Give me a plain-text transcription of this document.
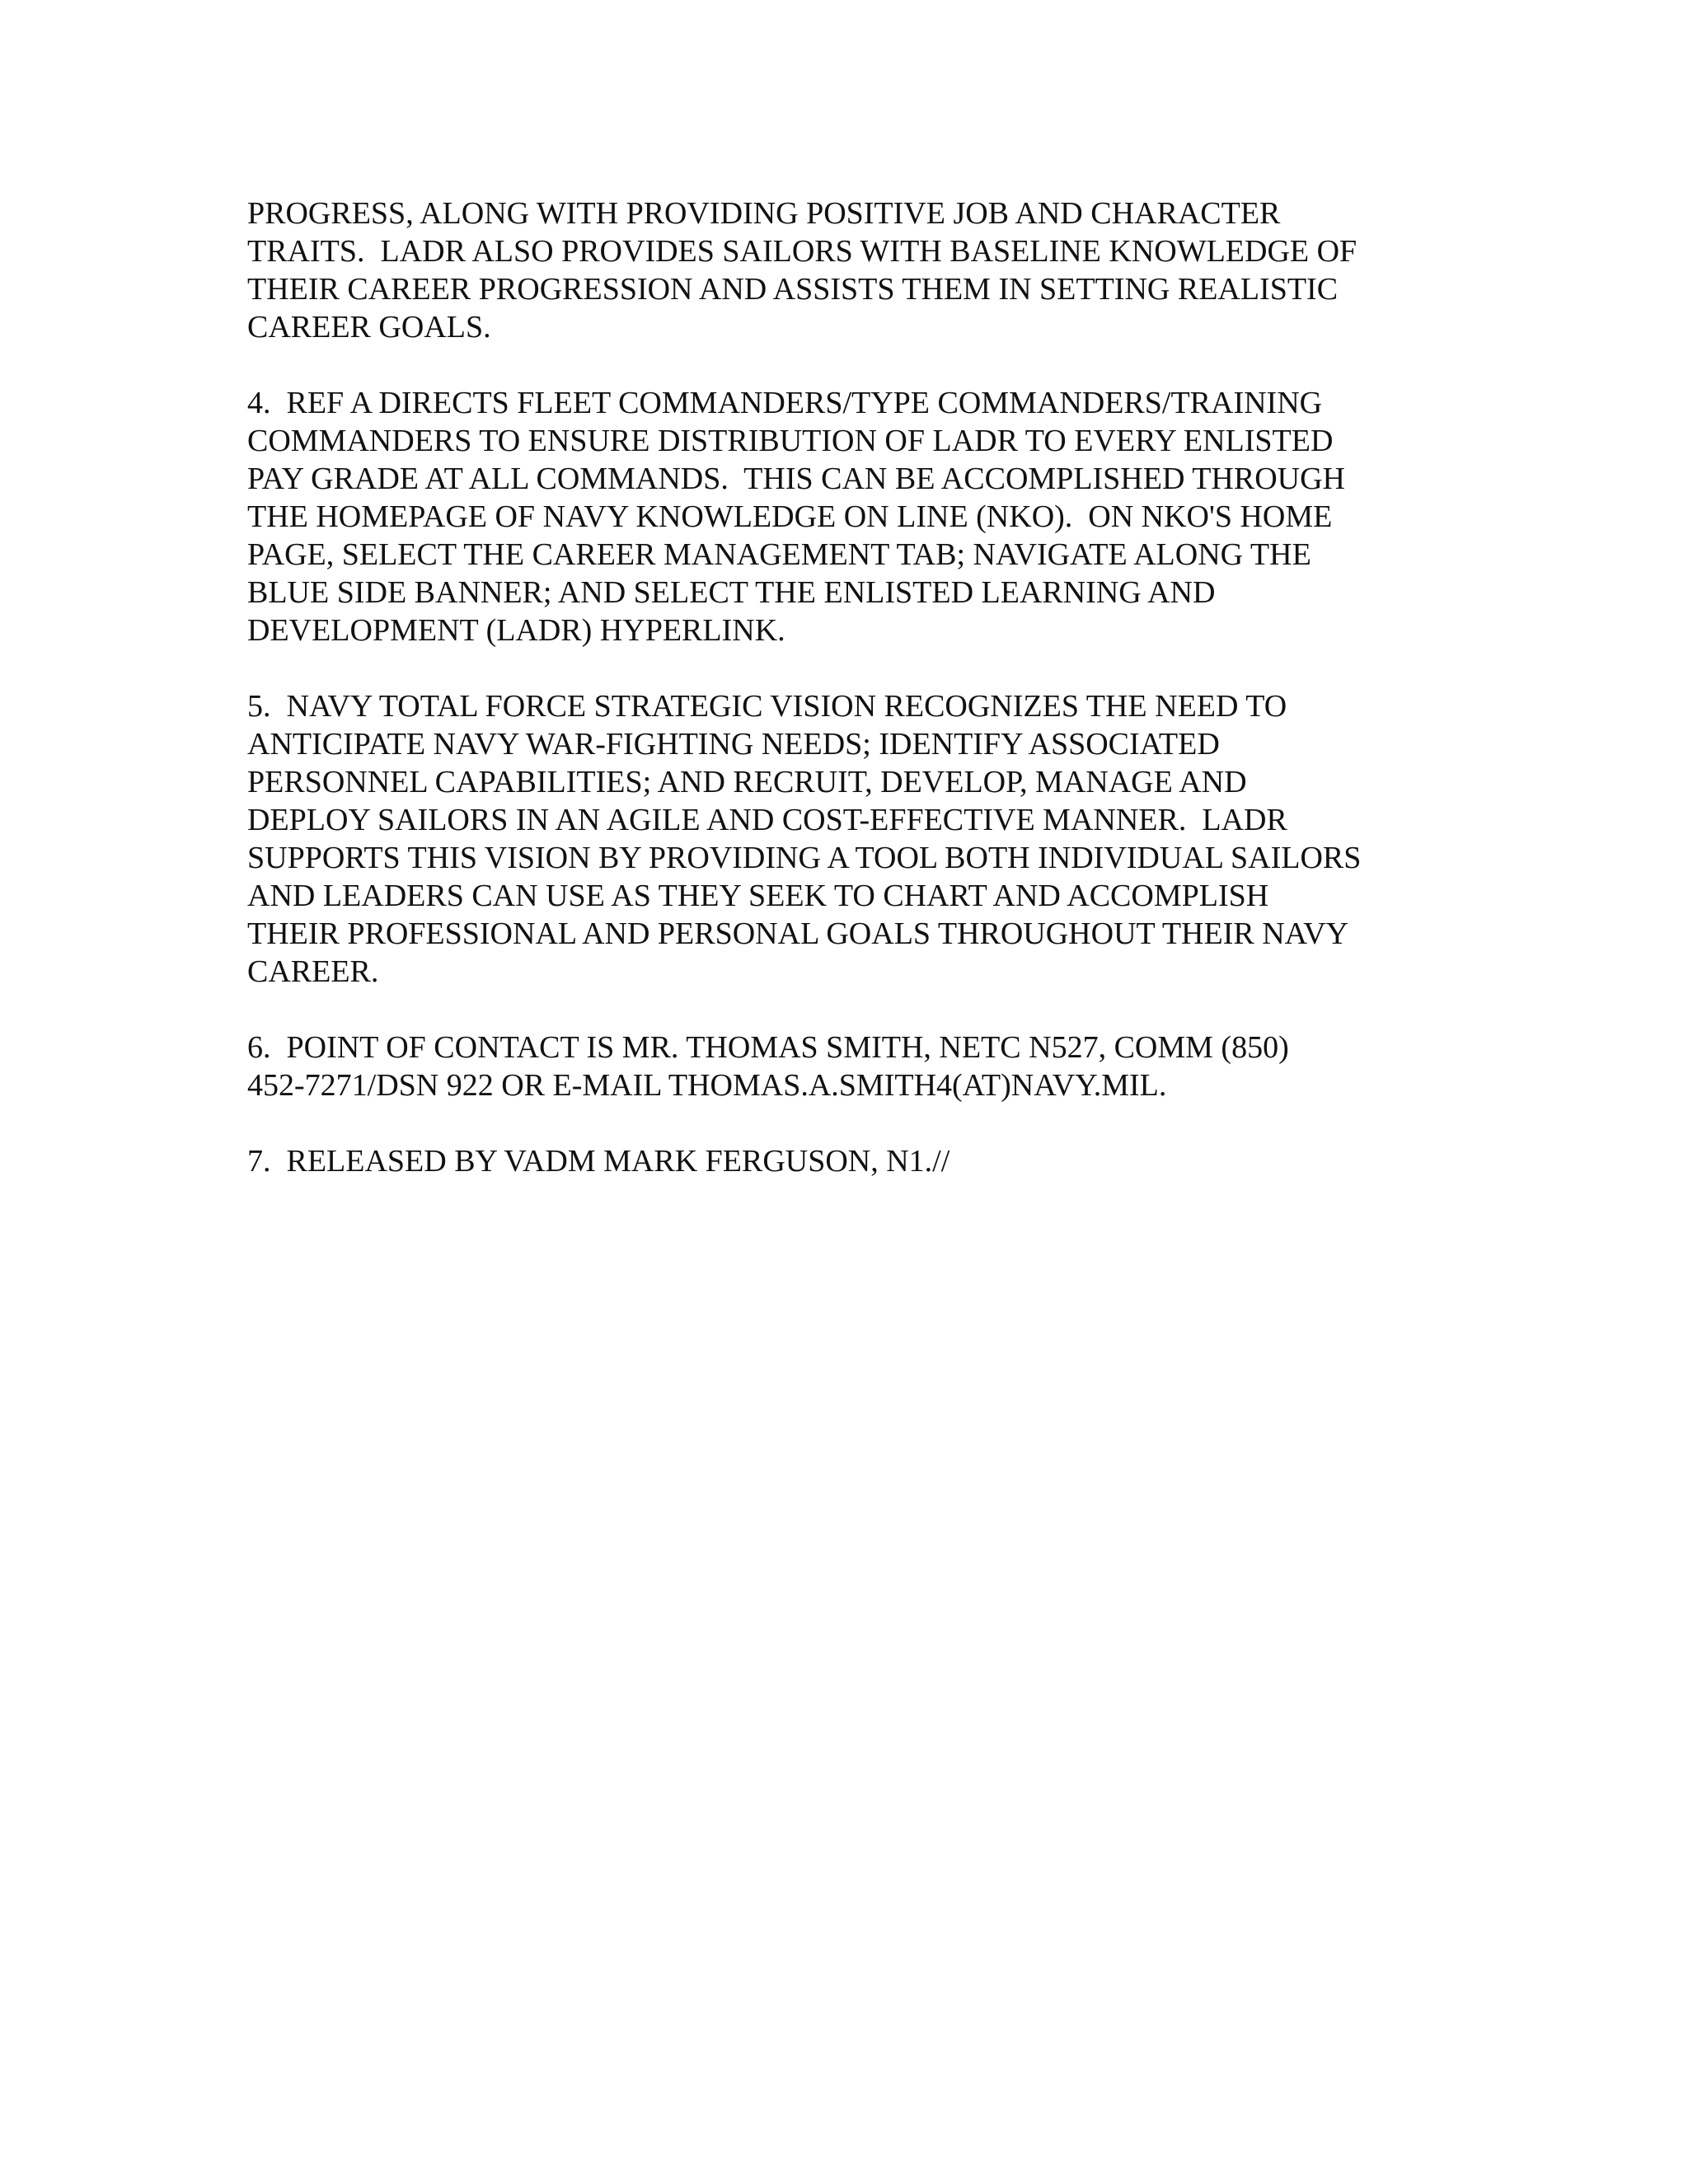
PROGRESS, ALONG WITH PROVIDING POSITIVE JOB AND CHARACTER
TRAITS.  LADR ALSO PROVIDES SAILORS WITH BASELINE KNOWLEDGE OF
THEIR CAREER PROGRESSION AND ASSISTS THEM IN SETTING REALISTIC
CAREER GOALS.

4.  REF A DIRECTS FLEET COMMANDERS/TYPE COMMANDERS/TRAINING
COMMANDERS TO ENSURE DISTRIBUTION OF LADR TO EVERY ENLISTED
PAY GRADE AT ALL COMMANDS.  THIS CAN BE ACCOMPLISHED THROUGH
THE HOMEPAGE OF NAVY KNOWLEDGE ON LINE (NKO).  ON NKO'S HOME
PAGE, SELECT THE CAREER MANAGEMENT TAB; NAVIGATE ALONG THE
BLUE SIDE BANNER; AND SELECT THE ENLISTED LEARNING AND
DEVELOPMENT (LADR) HYPERLINK.

5.  NAVY TOTAL FORCE STRATEGIC VISION RECOGNIZES THE NEED TO
ANTICIPATE NAVY WAR-FIGHTING NEEDS; IDENTIFY ASSOCIATED
PERSONNEL CAPABILITIES; AND RECRUIT, DEVELOP, MANAGE AND
DEPLOY SAILORS IN AN AGILE AND COST-EFFECTIVE MANNER.  LADR
SUPPORTS THIS VISION BY PROVIDING A TOOL BOTH INDIVIDUAL SAILORS
AND LEADERS CAN USE AS THEY SEEK TO CHART AND ACCOMPLISH
THEIR PROFESSIONAL AND PERSONAL GOALS THROUGHOUT THEIR NAVY
CAREER.

6.  POINT OF CONTACT IS MR. THOMAS SMITH, NETC N527, COMM (850)
452-7271/DSN 922 OR E-MAIL THOMAS.A.SMITH4(AT)NAVY.MIL.

7.  RELEASED BY VADM MARK FERGUSON, N1.//
